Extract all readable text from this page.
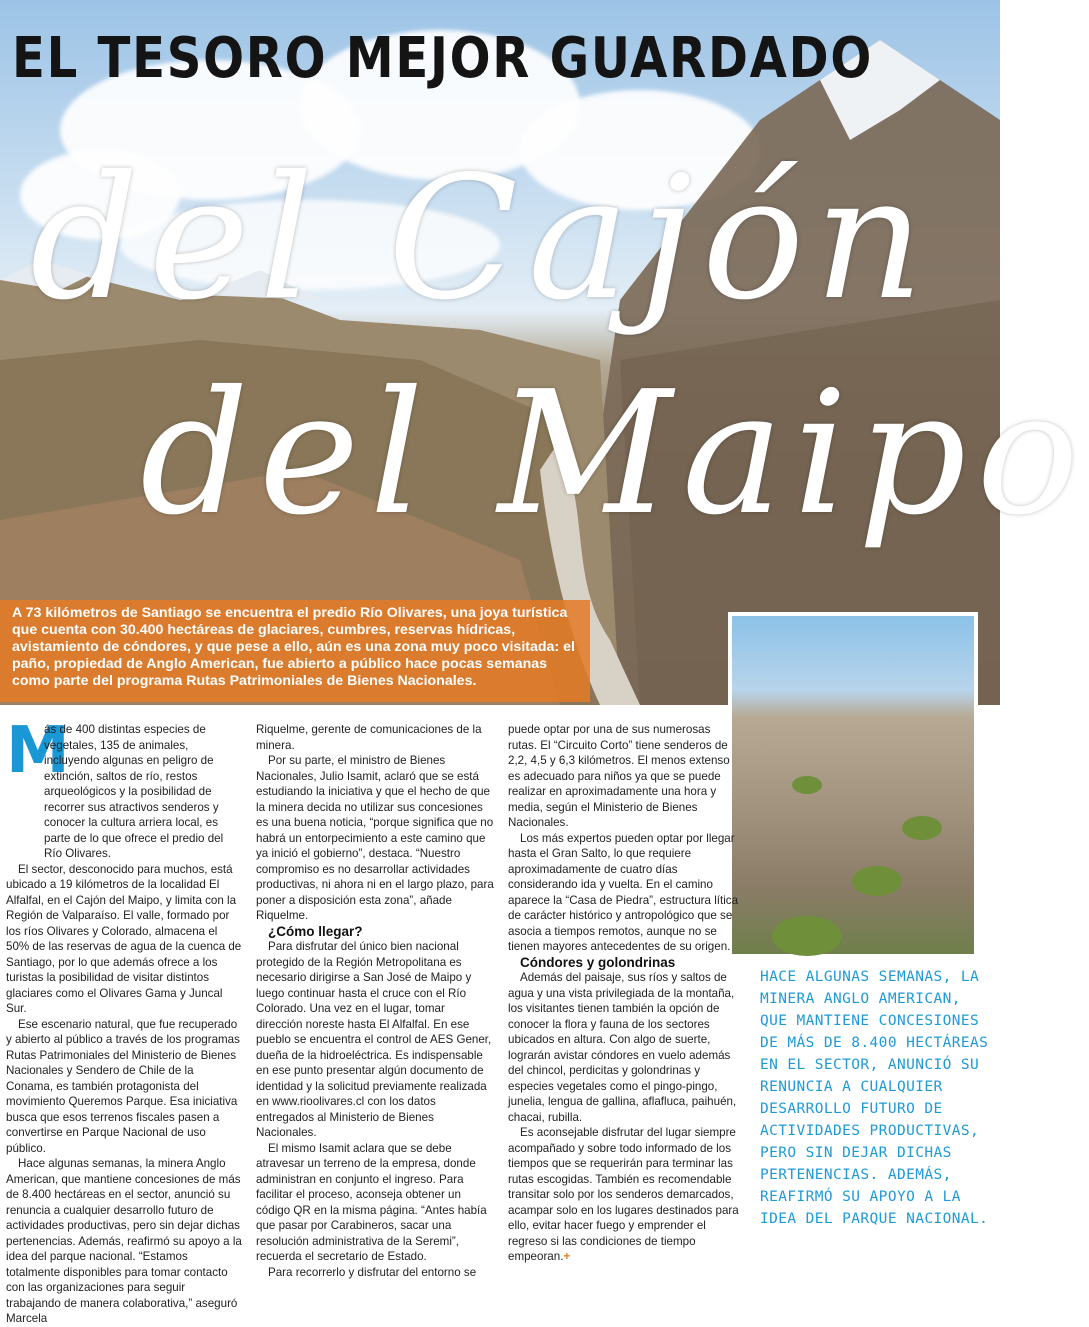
EL TESORO MEJOR GUARDADO
del Cajón
del Maipo

A 73 kilómetros de Santiago se encuentra el predio Río Olivares, una joya turística que cuenta con 30.400 hectáreas de glaciares, cumbres, reservas hídricas, avistamiento de cóndores, y que pese a ello, aún es una zona muy poco visitada: el paño, propiedad de Anglo American, fue abierto a público hace pocas semanas como parte del programa Rutas Patrimoniales de Bienes Nacionales.

M

ás de 400 distintas especies de vegetales, 135 de animales, incluyendo algunas en peligro de extinción, saltos de río, restos arqueológicos y la posibilidad de recorrer sus atractivos senderos y conocer la cultura arriera local, es parte de lo que ofrece el predio del Río Olivares.

El sector, desconocido para muchos, está ubicado a 19 kilómetros de la localidad El Alfalfal, en el Cajón del Maipo, y limita con la Región de Valparaíso. El valle, formado por los ríos Olivares y Colorado, almacena el 50% de las reservas de agua de la cuenca de Santiago, por lo que además ofrece a los turistas la posibilidad de visitar distintos glaciares como el Olivares Gama y Juncal Sur.

Ese escenario natural, que fue recuperado y abierto al público a través de los programas Rutas Patrimoniales del Ministerio de Bienes Nacionales y Sendero de Chile de la Conama, es también protagonista del movimiento Queremos Parque. Esa iniciativa busca que esos terrenos fiscales pasen a convertirse en Parque Nacional de uso público.

Hace algunas semanas, la minera Anglo American, que mantiene concesiones de más de 8.400 hectáreas en el sector, anunció su renuncia a cualquier desarrollo futuro de actividades productivas, pero sin dejar dichas pertenencias. Además, reafirmó su apoyo a la idea del parque nacional. “Estamos totalmente disponibles para tomar contacto con las organizaciones para seguir trabajando de manera colaborativa,” aseguró Marcela

Riquelme, gerente de comunicaciones de la minera.

Por su parte, el ministro de Bienes Nacionales, Julio Isamit, aclaró que se está estudiando la iniciativa y que el hecho de que la minera decida no utilizar sus concesiones es una buena noticia, “porque significa que no habrá un entorpecimiento a este camino que ya inició el gobierno”, destaca. “Nuestro compromiso es no desarrollar actividades productivas, ni ahora ni en el largo plazo, para poner a disposición esta zona”, añade Riquelme.

¿Cómo llegar?

Para disfrutar del único bien nacional protegido de la Región Metropolitana es necesario dirigirse a San José de Maipo y luego continuar hasta el cruce con el Río Colorado. Una vez en el lugar, tomar dirección noreste hasta El Alfalfal. En ese pueblo se encuentra el control de AES Gener, dueña de la hidroeléctrica. Es indispensable en ese punto presentar algún documento de identidad y la solicitud previamente realizada en www.rioolivares.cl con los datos entregados al Ministerio de Bienes Nacionales.

El mismo Isamit aclara que se debe atravesar un terreno de la empresa, donde administran en conjunto el ingreso. Para facilitar el proceso, aconseja obtener un código QR en la misma página. “Antes había que pasar por Carabineros, sacar una resolución administrativa de la Seremi”, recuerda el secretario de Estado.

Para recorrerlo y disfrutar del entorno se

puede optar por una de sus numerosas rutas. El “Circuito Corto” tiene senderos de 2,2, 4,5 y 6,3 kilómetros. El menos extenso es adecuado para niños ya que se puede realizar en aproximadamente una hora y media, según el Ministerio de Bienes Nacionales.

Los más expertos pueden optar por llegar hasta el Gran Salto, lo que requiere aproximadamente de cuatro días considerando ida y vuelta. En el camino aparece la “Casa de Piedra”, estructura lítica de carácter histórico y antropológico que se asocia a tiempos remotos, aunque no se tienen mayores antecedentes de su origen.

Cóndores y golondrinas

Además del paisaje, sus ríos y saltos de agua y una vista privilegiada de la montaña, los visitantes tienen también la opción de conocer la flora y fauna de los sectores ubicados en altura. Con algo de suerte, lograrán avistar cóndores en vuelo además del chincol, perdicitas y golondrinas y especies vegetales como el pingo-pingo, junelia, lengua de gallina, aflafluca, paihuén, chacai, rubilla.

Es aconsejable disfrutar del lugar siempre acompañado y sobre todo informado de los tiempos que se requerirán para terminar las rutas escogidas. También es recomendable transitar solo por los senderos demarcados, acampar solo en los lugares destinados para ello, evitar hacer fuego y emprender el regreso si las condiciones de tiempo empeoran.+

HACE ALGUNAS SEMANAS, LA MINERA ANGLO AMERICAN, QUE MANTIENE CONCESIONES DE MÁS DE 8.400 HECTÁREAS EN EL SECTOR, ANUNCIÓ SU RENUNCIA A CUALQUIER DESARROLLO FUTURO DE ACTIVIDADES PRODUCTIVAS, PERO SIN DEJAR DICHAS PERTENENCIAS. ADEMÁS, REAFIRMÓ SU APOYO A LA IDEA DEL PARQUE NACIONAL.
